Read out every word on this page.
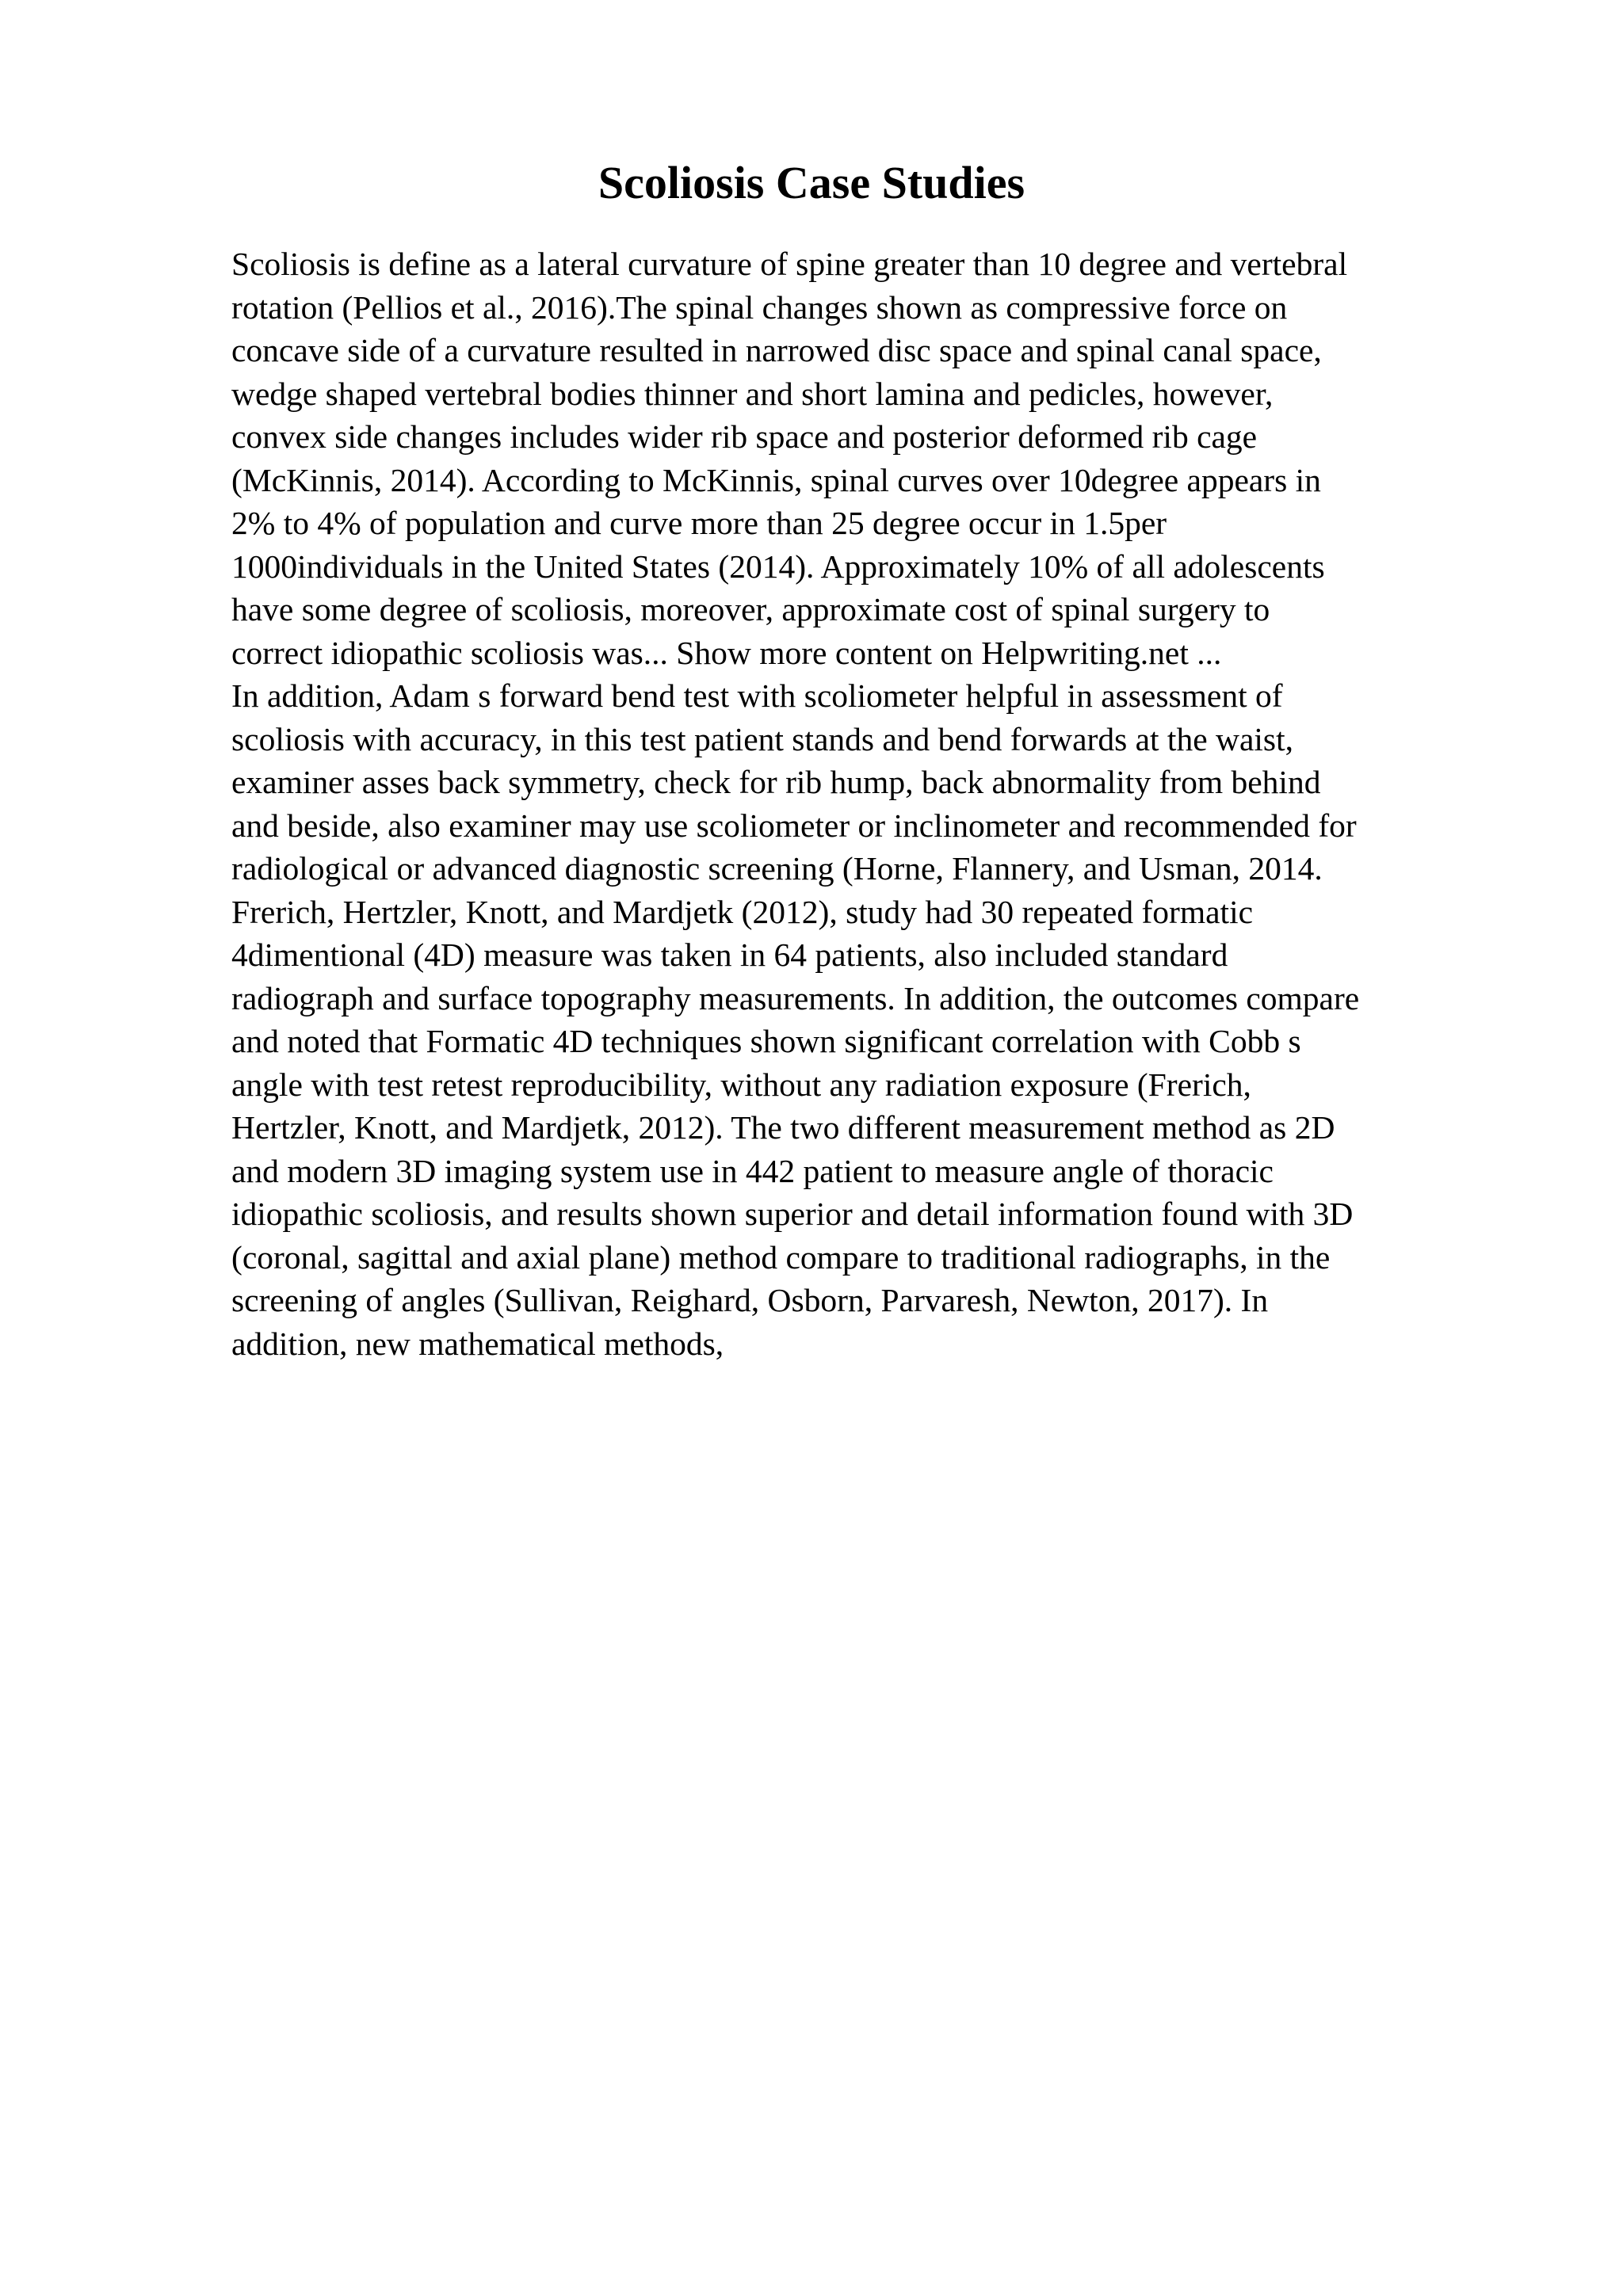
Scoliosis Case Studies
Scoliosis is define as a lateral curvature of spine greater than 10 degree and vertebral
rotation (Pellios et al., 2016).The spinal changes shown as compressive force on
concave side of a curvature resulted in narrowed disc space and spinal canal space,
wedge shaped vertebral bodies thinner and short lamina and pedicles, however,
convex side changes includes wider rib space and posterior deformed rib cage
(McKinnis, 2014). According to McKinnis, spinal curves over 10degree appears in
2% to 4% of population and curve more than 25 degree occur in 1.5per
1000individuals in the United States (2014). Approximately 10% of all adolescents
have some degree of scoliosis, moreover, approximate cost of spinal surgery to
correct idiopathic scoliosis was... Show more content on Helpwriting.net ...
In addition, Adam s forward bend test with scoliometer helpful in assessment of
scoliosis with accuracy, in this test patient stands and bend forwards at the waist,
examiner asses back symmetry, check for rib hump, back abnormality from behind
and beside, also examiner may use scoliometer or inclinometer and recommended for
radiological or advanced diagnostic screening (Horne, Flannery, and Usman, 2014.
Frerich, Hertzler, Knott, and Mardjetk (2012), study had 30 repeated formatic
4dimentional (4D) measure was taken in 64 patients, also included standard
radiograph and surface topography measurements. In addition, the outcomes compare
and noted that Formatic 4D techniques shown significant correlation with Cobb s
angle with test retest reproducibility, without any radiation exposure (Frerich,
Hertzler, Knott, and Mardjetk, 2012). The two different measurement method as 2D
and modern 3D imaging system use in 442 patient to measure angle of thoracic
idiopathic scoliosis, and results shown superior and detail information found with 3D
(coronal, sagittal and axial plane) method compare to traditional radiographs, in the
screening of angles (Sullivan, Reighard, Osborn, Parvaresh, Newton, 2017). In
addition, new mathematical methods,
